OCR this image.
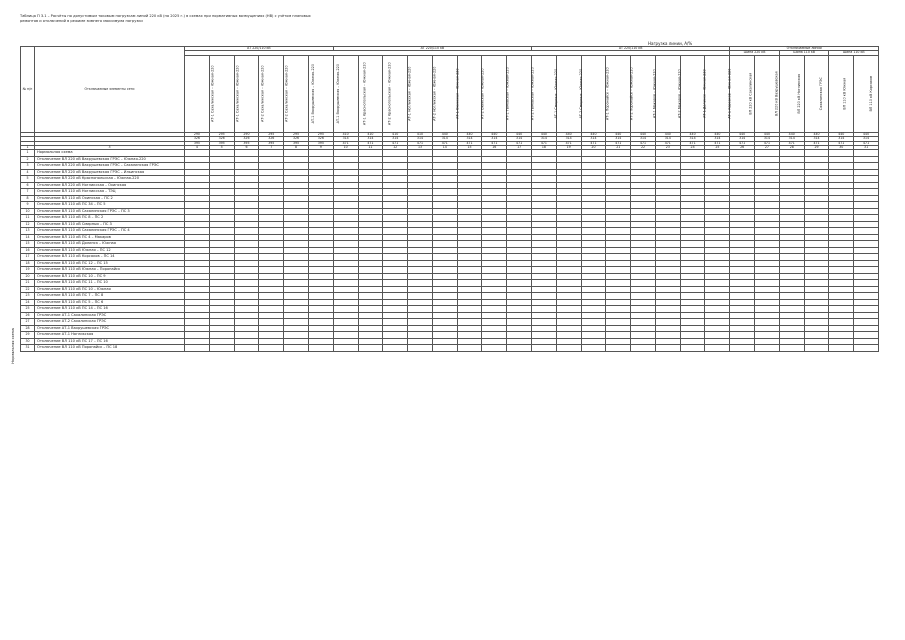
Таблица П 3.1 – Расчёты по допустимым токовым нагрузкам линий 220 кВ (на 2025 г.) в схемах при нормативных возмущениях (НВ) с учётом плановых ремонтов и отключений в режиме зимнего максимума нагрузки
Нагрузка линии, А/%
№ п/п	Отключаемые элементы сети	АТ 220/110 кВ						АТ 220/110 кВ								АТ 220/110 кВ								Отключаемые линии					
																								Шина 220 кВ		Шина 110 кВ		Шина 110 кВ	
		АТ-1 Сахалинская – Южная-220	АТ-1 Сахалинская – Южная-220	АТ-2 Сахалинская – Южная-220	АТ-2 Сахалинская – Южная-220	АТ-1 Вахрушевская – Южная-220	АТ-1 Вахрушевская – Южная-220	АТ-1 Краснопольская – Южная-220	АТ-2 Краснопольская – Южная-220	АТ-1 Ногликская – Южная-220	АТ-2 Ногликская – Южная-220	АТ-1 Охинская – Южная-220	АТ-2 Охинская – Южная-220	АТ-1 Тымовская – Южная-220	АТ-2 Тымовская – Южная-220	АТ-1 Смирных – Южная-220	АТ-2 Смирных – Южная-220	АТ-1 Поронайск – Южная-220	АТ-2 Поронайск – Южная-220	АТ-1 Макаров – Южная-220	АТ-2 Макаров – Южная-220	АТ-1 Долинск – Южная-220	АТ-1 Корсаков – Южная-220	ВЛ 220 кВ Сахалинская	ВЛ 220 кВ Вахрушевская	ВЛ 220 кВ Ногликская	Сахалинская ГРЭС	ВЛ 110 кВ Южная	ВЛ 110 кВ Корсаков
		290	295	290	295	295	295	410	410	410	410	440	440	440	440	440	440	440	440	440	440	440	440	440	440	440	440	440	440
		326	326	326	326	326	326	314	314	314	314	314	314	314	314	314	314	314	314	314	314	314	314	314	314	314	314	314	314
		395	395	395	395	395	395	471	471	471	471	471	471	471	471	471	471	471	471	471	471	471	471	471	471	471	471	471	471
1	3	4	5	6	7	8	9	10	11	12	13	14	15	16	17	18	19	20	21	22	23	24	25	26	27	28	29	30	31
1	Нормальная схема																												
2	Отключение ВЛ 220 кВ Вахрушевская ГРЭС – Южная-220																												
3	Отключение ВЛ 220 кВ Вахрушевская ГРЭС – Сахалинская ГРЭС																												
4	Отключение ВЛ 220 кВ Вахрушевская ГРЭС – Ильинская																												
5	Отключение ВЛ 220 кВ Краснопольская – Южная-220																												
6	Отключение ВЛ 220 кВ Ногликская – Охинская																												
7	Отключение ВЛ 110 кВ Ногликская – ТЭЦ																												
8	Отключение ВЛ 110 кВ Охинская – ПС 2																												
9	Отключение ВЛ 110 кВ ПС 34 – ПС 5																												
10	Отключение ВЛ 110 кВ Сахалинская ГРЭС – ПС 3																												
11	Отключение ВЛ 110 кВ ПС 8 – ПС 2																												
12	Отключение ВЛ 110 кВ Смирных – ПС 3																												
13	Отключение ВЛ 110 кВ Сахалинская ГРЭС – ПС 4																												
14	Отключение ВЛ 110 кВ ПС 4 – Макаров																												
15	Отключение ВЛ 110 кВ Долинск – Южная																												
16	Отключение ВЛ 110 кВ Южная – ПС 12																												
17	Отключение ВЛ 110 кВ Корсаков – ПС 14																												
18	Отключение ВЛ 110 кВ ПС 12 – ПС 15																												
19	Отключение ВЛ 110 кВ Южная – Поронайск																												
20	Отключение ВЛ 110 кВ ПС 10 – ПС 9																												
21	Отключение ВЛ 110 кВ ПС 11 – ПС 10																												
22	Отключение ВЛ 110 кВ ПС 10 – Южная																												
23	Отключение ВЛ 110 кВ ПС 7 – ПС 8																												
24	Отключение ВЛ 110 кВ ПС 5 – ПС 6																												
25	Отключение ВЛ 110 кВ ПС 14 – ПС 16																												
26	Отключение АТ-1 Сахалинская ГРЭС																												
27	Отключение АТ-2 Сахалинская ГРЭС																												
28	Отключение АТ-1 Вахрушевская ГРЭС																												
29	Отключение АТ-1 Ногликская																												
30	Отключение ВЛ 110 кВ ПС 17 – ПС 16																												
31	Отключение ВЛ 110 кВ Поронайск – ПС 18																												
Нормальная схема
